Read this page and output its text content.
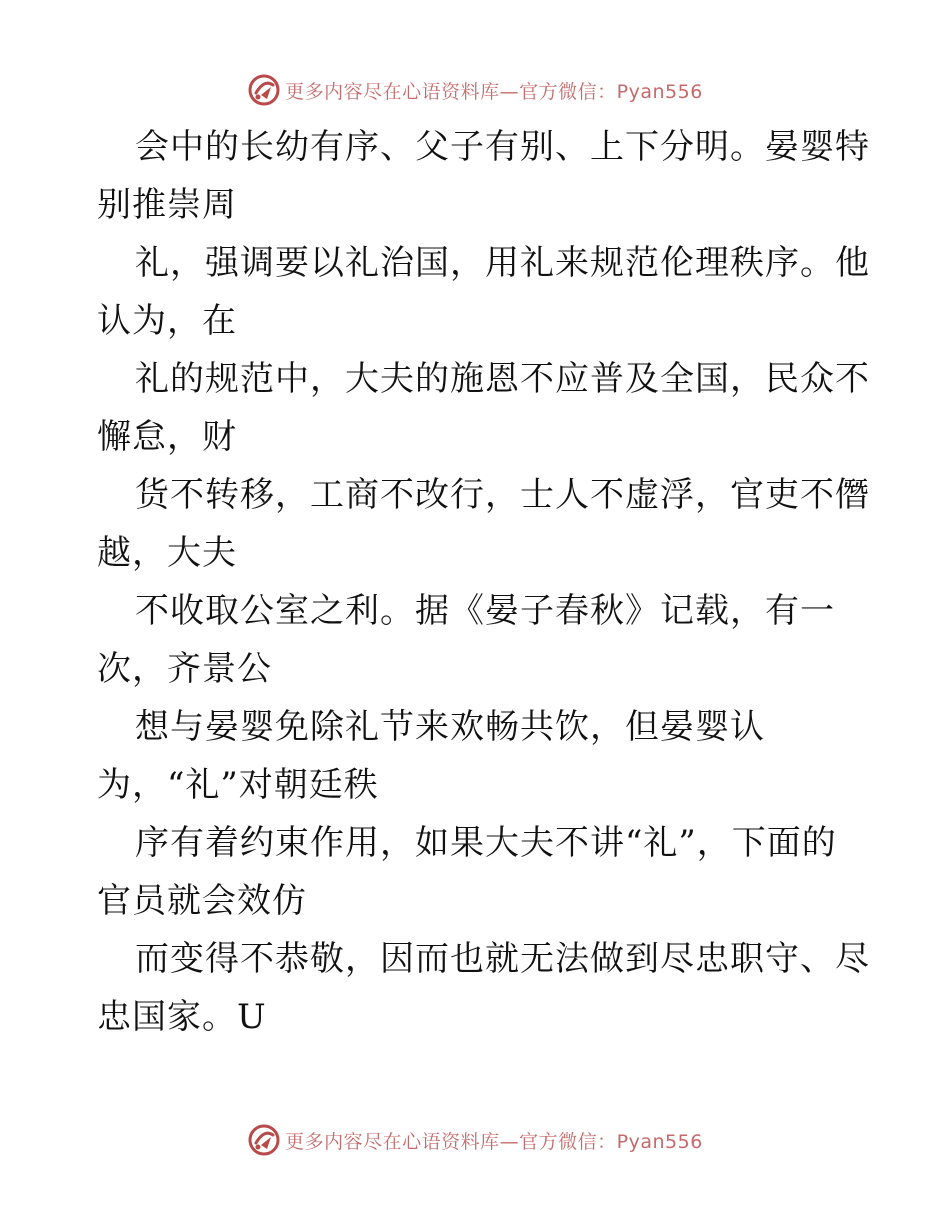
更多内容尽在心语资料库—官方微信：Pyan556
会中的长幼有序、父子有别、上下分明。晏婴特
别推崇周
礼，强调要以礼治国，用礼来规范伦理秩序。他
认为，在
礼的规范中，大夫的施恩不应普及全国，民众不
懈怠，财
货不转移，工商不改行，士人不虚浮，官吏不僭
越，大夫
不收取公室之利。据《晏子春秋》记载，有一
次，齐景公
想与晏婴免除礼节来欢畅共饮，但晏婴认
为，“礼”对朝廷秩
序有着约束作用，如果大夫不讲“礼”，下面的
官员就会效仿
而变得不恭敬，因而也就无法做到尽忠职守、尽
忠国家。U
更多内容尽在心语资料库—官方微信：Pyan556
